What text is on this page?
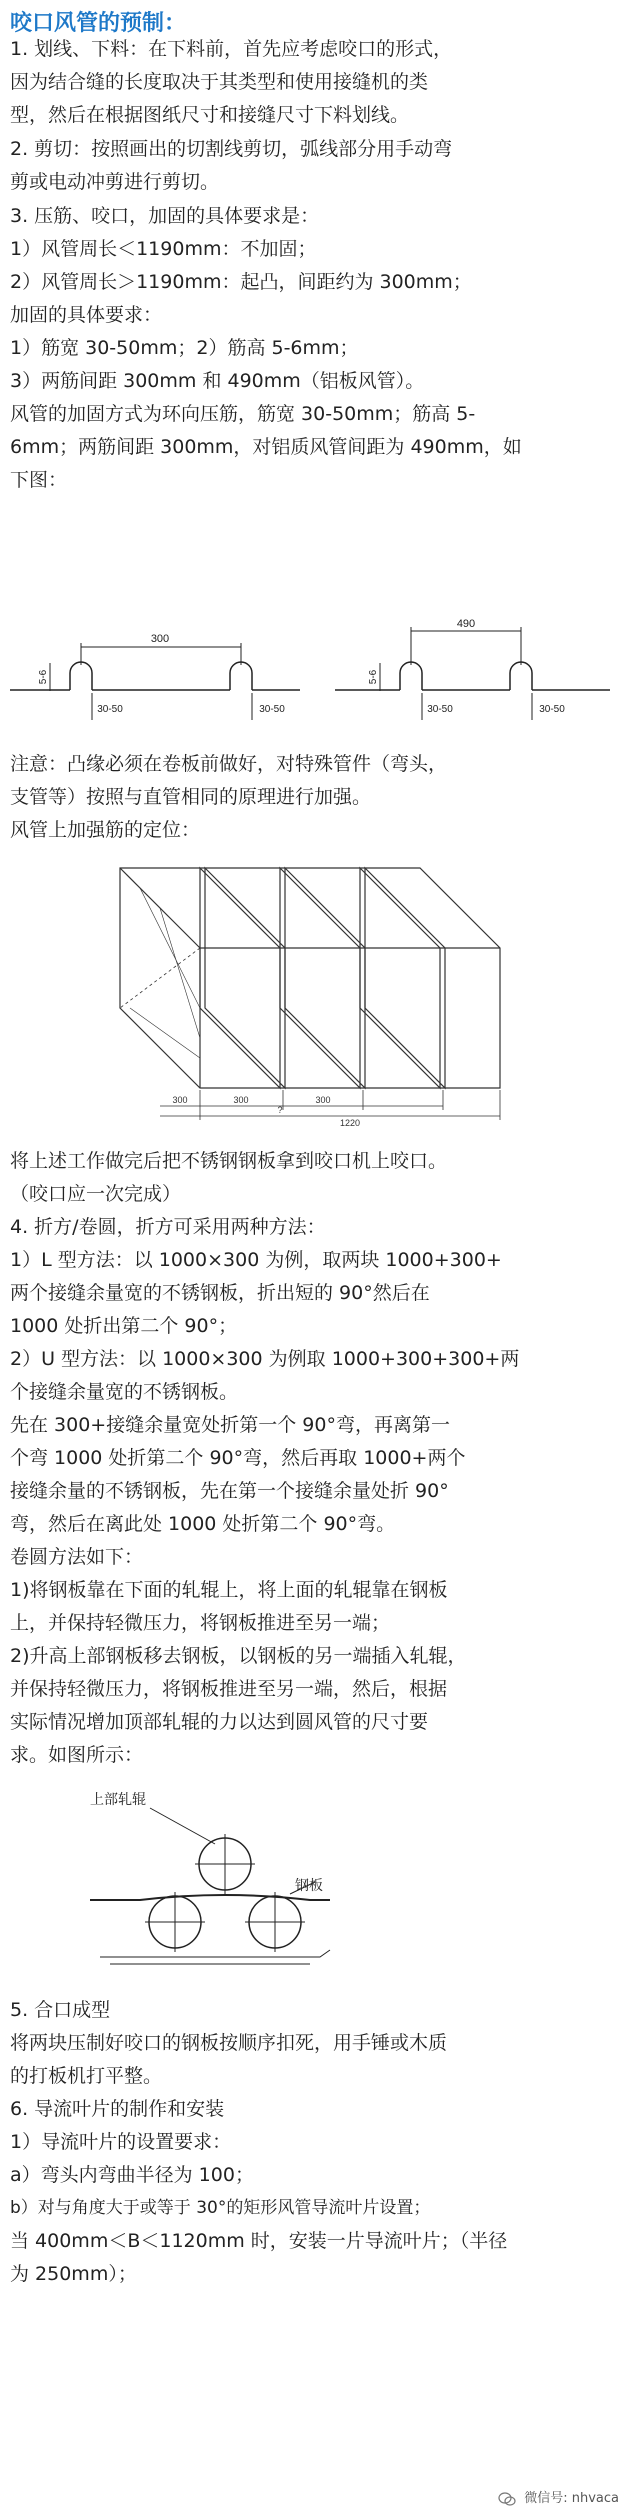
咬口风管的预制：
1. 划线、下料：在下料前，首先应考虑咬口的形式，
因为结合缝的长度取决于其类型和使用接缝机的类
型，然后在根据图纸尺寸和接缝尺寸下料划线。
2. 剪切：按照画出的切割线剪切，弧线部分用手动弯
剪或电动冲剪进行剪切。
3. 压筋、咬口，加固的具体要求是：
1）风管周长＜1190mm：不加固；
2）风管周长＞1190mm：起凸，间距约为 300mm；
加固的具体要求：
1）筋宽 30-50mm；2）筋高 5-6mm；
3）两筋间距 300mm 和 490mm（铝板风管）。
风管的加固方式为环向压筋，筋宽 30-50mm；筋高 5-
6mm；两筋间距 300mm，对铝质风管间距为 490mm，如
下图：
300
5-6
30-50	30-50
490
5-6
30-50	30-50
注意：凸缘必须在卷板前做好，对特殊管件（弯头，
支管等）按照与直管相同的原理进行加强。
风管上加强筋的定位：
300	300	300
?
1220
将上述工作做完后把不锈钢钢板拿到咬口机上咬口。
（咬口应一次完成）
4. 折方/卷圆，折方可采用两种方法：
1）L 型方法：以 1000×300 为例，取两块 1000+300+
两个接缝余量宽的不锈钢板，折出短的 90°然后在
1000 处折出第二个 90°；
2）U 型方法：以 1000×300 为例取 1000+300+300+两
个接缝余量宽的不锈钢板。
先在 300+接缝余量宽处折第一个 90°弯，再离第一
个弯 1000 处折第二个 90°弯，然后再取 1000+两个
接缝余量的不锈钢板，先在第一个接缝余量处折 90°
弯，然后在离此处 1000 处折第二个 90°弯。
卷圆方法如下：
1)将钢板靠在下面的轧辊上，将上面的轧辊靠在钢板
上，并保持轻微压力，将钢板推进至另一端；
2)升高上部钢板移去钢板，以钢板的另一端插入轧辊，
并保持轻微压力，将钢板推进至另一端，然后，根据
实际情况增加顶部轧辊的力以达到圆风管的尺寸要
求。如图所示：
上部轧辊
钢板
5. 合口成型
将两块压制好咬口的钢板按顺序扣死，用手锤或木质
的打板机打平整。
6. 导流叶片的制作和安装
1）导流叶片的设置要求：
a）弯头内弯曲半径为 100；
b）对与角度大于或等于 30°的矩形风管导流叶片设置；
当 400mm＜B＜1120mm 时，安装一片导流叶片；（半径
为 250mm）；
微信号: nhvaca
